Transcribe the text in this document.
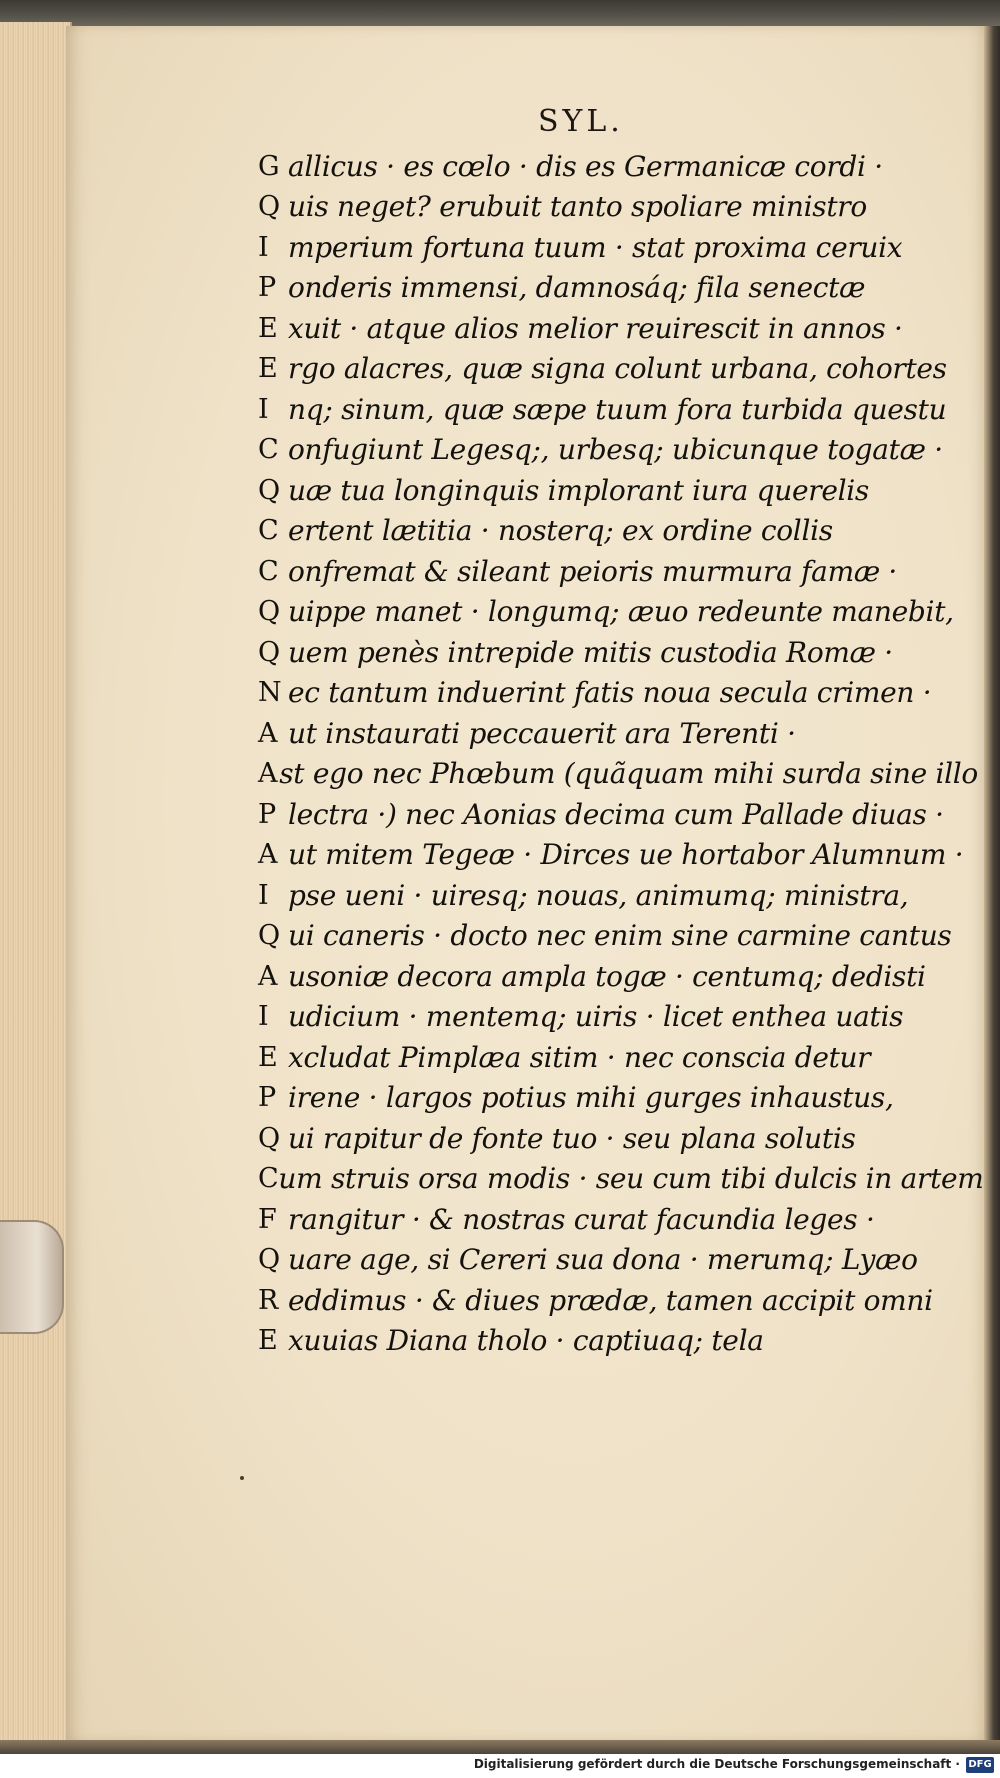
SYL.
G allicus · es cœlo · dis es Germanicæ cordi ·
Q uis neget? erubuit tanto spoliare ministro
I mperium fortuna tuum · stat proxima ceruix
P onderis immensi, damnosáq; fila senectæ
E xuit · atque alios melior reuirescit in annos ·
E rgo alacres, quæ signa colunt urbana, cohortes
I nq; sinum, quæ sæpe tuum fora turbida questu
C onfugiunt Legesq;, urbesq; ubicunque togatæ ·
Q uæ tua longinquis implorant iura querelis
C ertent lætitia · nosterq; ex ordine collis
C onfremat & sileant peioris murmura famæ ·
Q uippe manet · longumq; æuo redeunte manebit,
Q uem penès intrepide mitis custodia Romæ ·
N ec tantum induerint fatis noua secula crimen ·
A ut instaurati peccauerit ara Terenti ·
A st ego nec Phœbum (quãquam mihi surda sine illo
P lectra ·) nec Aonias decima cum Pallade diuas ·
A ut mitem Tegeæ · Dirces ue hortabor Alumnum ·
I pse ueni · uiresq; nouas, animumq; ministra,
Q ui caneris · docto nec enim sine carmine cantus
A usoniæ decora ampla togæ · centumq; dedisti
I udicium · mentemq; uiris · licet enthea uatis
E xcludat Pimplæa sitim · nec conscia detur
P irene · largos potius mihi gurges inhaustus,
Q ui rapitur de fonte tuo · seu plana solutis
C um struis orsa modis · seu cum tibi dulcis in artem
F rangitur · & nostras curat facundia leges ·
Q uare age, si Cereri sua dona · merumq; Lyæo
R eddimus · & diues prædæ, tamen accipit omni
E xuuias Diana tholo · captiuaq; tela
Digitalisierung gefördert durch die Deutsche Forschungsgemeinschaft · DFG
